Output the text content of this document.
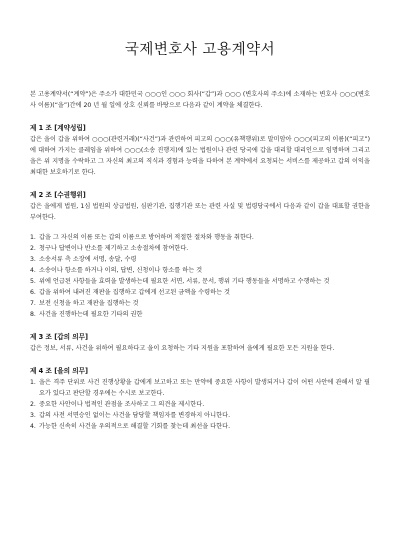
국제변호사 고용계약서

본 고용계약서(“계약”)은 주소가 대한민국 ○○○인 ○○○ 회사(“갑”)과 ○○○ (변호사의 주소)에 소재하는 변호사 ○○○(변호사 이름)(“을”)간에 20 년 월 일에 상호 신뢰를 바탕으로 다음과 같이 계약을 체결한다.

제 1 조 [계약성립]

갑은 을이 갑을 위하여 ○○○(관련거래)(“사건”)과 관련하여 피고의 ○○○(유책행위)로 말미암아 ○○○(피고의 이름)(“피고”)에 대하여 가지는 클레임을 위하여 ○○○(소송 진행지)에 있는 법원이나 관련 당국에 갑을 대리할 대리인으로 임명하며 그리고 을은 위 지명을 수락하고 그 자신의 최고의 직식과 경험과 능력을 다하여 본 계약에서 요청되는 서비스를 제공하고 갑의 이익을 최대한 보호하기로 한다.

제 2 조 [수권행위]

갑은 을에게 법원, 1심 법원의 상급법원, 심판기관, 집행기관 또는 관련 사실 및 법령당국에서 다음과 같이 갑을 대표할 권한을 부여한다.

1. 갑을 그 자신의 이름 또는 갑의 이름으로 방어하며 적절한 절차와 행동을 취한다.
2. 청구나 답변이나 반소를 제기하고 소송절차에 참여한다.
3. 소송서류 측 소장에 서명, 송달, 수령
4. 소송이나 항소를 하거나 이의, 답변, 신청이나 항소를 하는 것
5. 위에 언급된 사항들을 효력을 발생하는데 필요한 서면, 서류, 문서, 행위 기타 행동들을 서명하고 수행하는 것
6. 갑을 위하여 내려진 재판을 집행하고 갑에게 선고된 금액을 수령하는 것
7. 보전 신청을 하고 재판을 집행하는 것
8. 사건을 진행하는데 필요한 기타의 권한

제 3 조 [갑의 의무]

갑은 정보, 서류, 사건을 위하여 필요하다고 을이 요청하는 기타 지원을 포함하여 을에게 필요한 모든 지원을 한다.

제 4 조 [을의 의무]

1. 을은 격주 단위로 사건 진행상황을 갑에게 보고하고 또는 만약에 중요한 사항이 발생되거나 갑이 어떤 사안에 관해서 알 필요가 있다고 판단할 경우에는 수시로 보고한다.
2. 중요한 사안이나 법적인 관점을 조사하고 그 의견을 제시한다.
3. 갑의 사전 서면승인 없이는 사건을 담당할 책임자를 변경하지 아니한다.
4. 가능한 신속히 사건을 우의적으로 해결할 기회를 찾는데 최선을 다한다.
